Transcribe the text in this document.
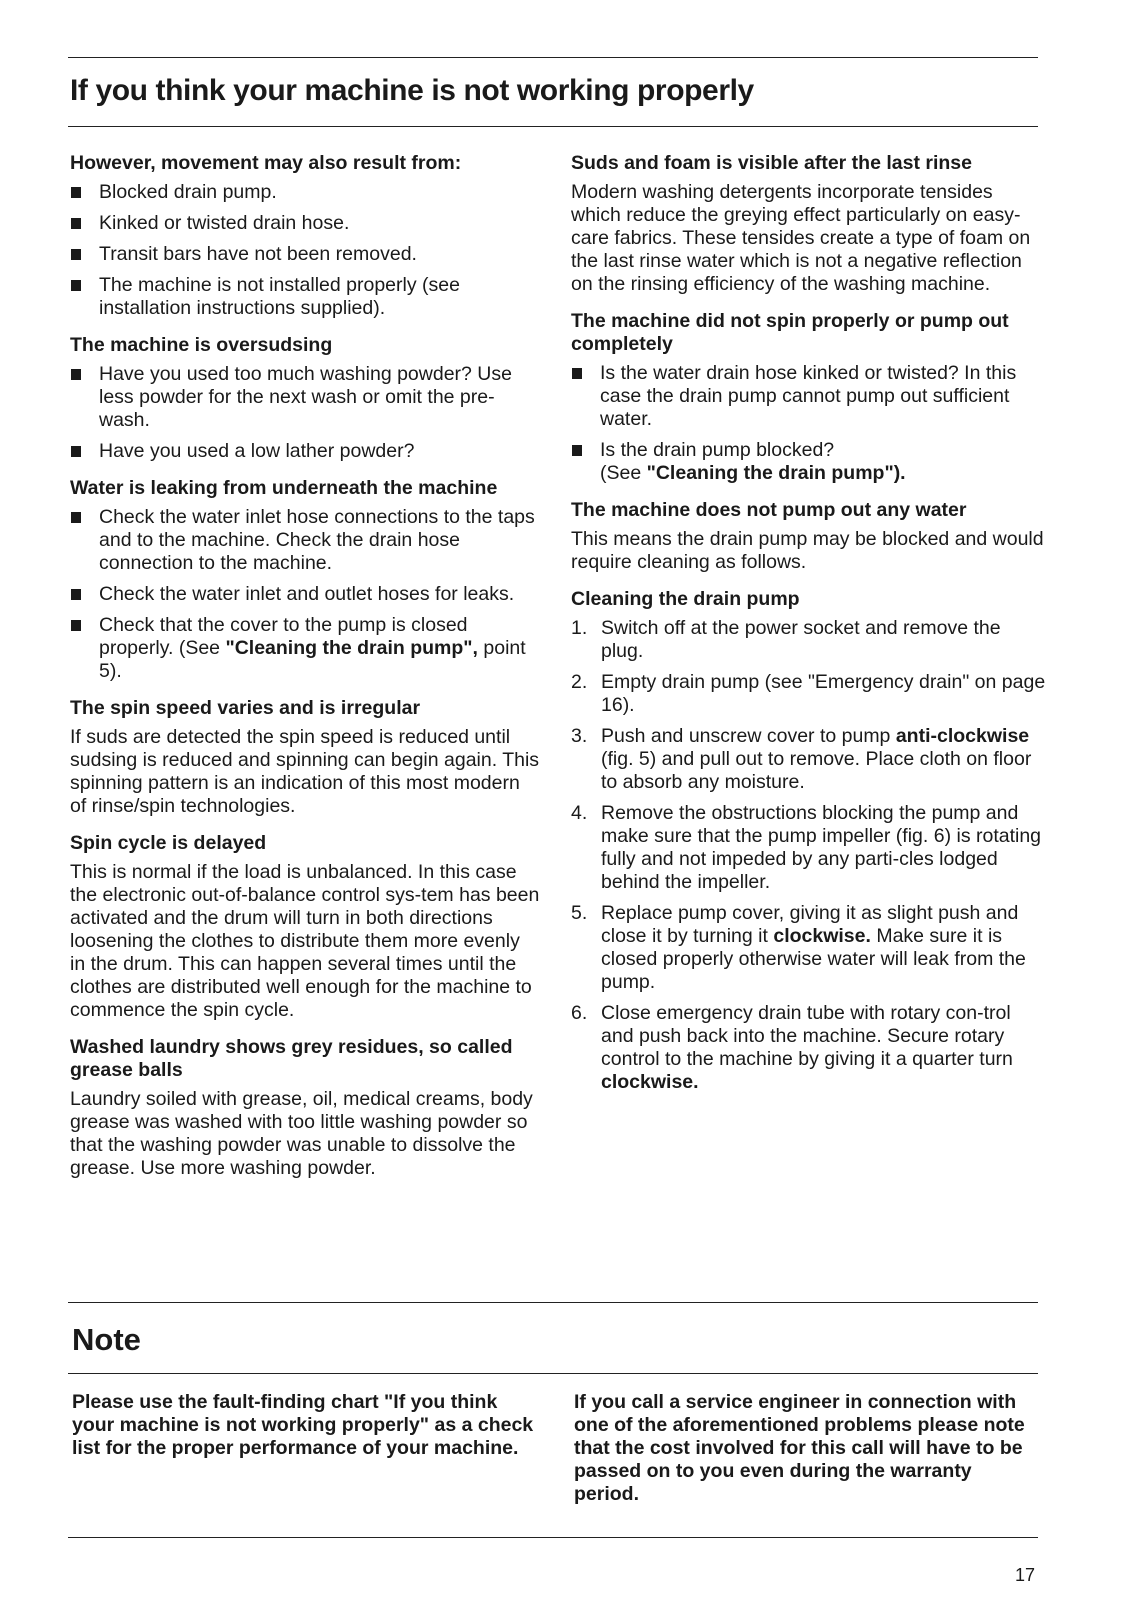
If you think your machine is not working properly
However, movement may also result from:
Blocked drain pump.
Kinked or twisted drain hose.
Transit bars have not been removed.
The machine is not installed properly (see installation instructions supplied).
The machine is oversudsing
Have you used too much washing powder? Use less powder for the next wash or omit the pre-wash.
Have you used a low lather powder?
Water is leaking from underneath the machine
Check the water inlet hose connections to the taps and to the machine. Check the drain hose connection to the machine.
Check the water inlet and outlet hoses for leaks.
Check that the cover to the pump is closed properly. (See "Cleaning the drain pump", point 5).
The spin speed varies and is irregular

If suds are detected the spin speed is reduced until sudsing is reduced and spinning can begin again. This spinning pattern is an indication of this most modern of rinse/spin technologies.

Spin cycle is delayed

This is normal if the load is unbalanced. In this case the electronic out-of-balance control sys-tem has been activated and the drum will turn in both directions loosening the clothes to distribute them more evenly in the drum. This can happen several times until the clothes are distributed well enough for the machine to commence the spin cycle.

Washed laundry shows grey residues, so called grease balls

Laundry soiled with grease, oil, medical creams, body grease was washed with too little washing powder so that the washing powder was unable to dissolve the grease. Use more washing powder.

Suds and foam is visible after the last rinse

Modern washing detergents incorporate tensides which reduce the greying effect particularly on easy-care fabrics. These tensides create a type of foam on the last rinse water which is not a negative reflection on the rinsing efficiency of the washing machine.

The machine did not spin properly or pump out completely
Is the water drain hose kinked or twisted? In this case the drain pump cannot pump out sufficient water.
Is the drain pump blocked?
(See "Cleaning the drain pump").
The machine does not pump out any water

This means the drain pump may be blocked and would require cleaning as follows.

Cleaning the drain pump
1. Switch off at the power socket and remove the plug.
2. Empty drain pump (see "Emergency drain" on page 16).
3. Push and unscrew cover to pump anti-clockwise (fig. 5) and pull out to remove. Place cloth on floor to absorb any moisture.
4. Remove the obstructions blocking the pump and make sure that the pump impeller (fig. 6) is rotating fully and not impeded by any parti-cles lodged behind the impeller.
5. Replace pump cover, giving it as slight push and close it by turning it clockwise. Make sure it is closed properly otherwise water will leak from the pump.
6. Close emergency drain tube with rotary con-trol and push back into the machine. Secure rotary control to the machine by giving it a quarter turn clockwise.
Note
Please use the fault-finding chart "If you think your machine is not working properly" as a check list for the proper performance of your machine.
If you call a service engineer in connection with one of the aforementioned problems please note that the cost involved for this call will have to be passed on to you even during the warranty period.
17
